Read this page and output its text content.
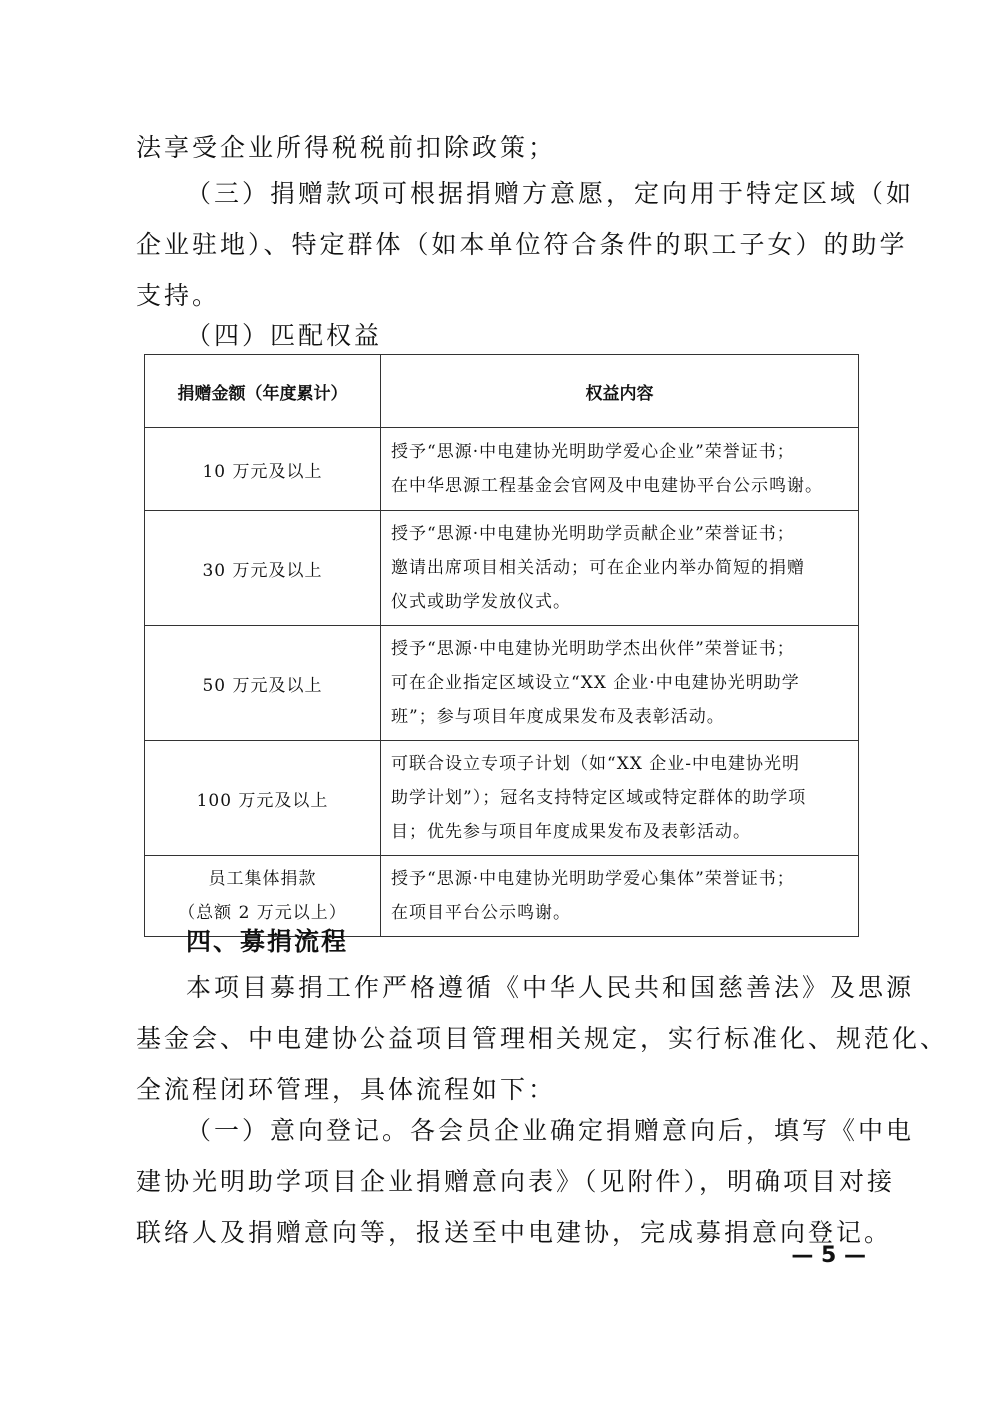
法享受企业所得税税前扣除政策；
（三）捐赠款项可根据捐赠方意愿，定向用于特定区域（如
企业驻地）、特定群体（如本单位符合条件的职工子女）的助学
支持。
（四）匹配权益
捐赠金额（年度累计）	权益内容

10 万元及以上	授予“思源·中电建协光明助学爱心企业”荣誉证书；
在中华思源工程基金会官网及中电建协平台公示鸣谢。

30 万元及以上	授予“思源·中电建协光明助学贡献企业”荣誉证书；
邀请出席项目相关活动；可在企业内举办简短的捐赠
仪式或助学发放仪式。

50 万元及以上	授予“思源·中电建协光明助学杰出伙伴”荣誉证书；
可在企业指定区域设立“XX 企业·中电建协光明助学
班”；参与项目年度成果发布及表彰活动。

100 万元及以上	可联合设立专项子计划（如“XX 企业-中电建协光明
助学计划”）；冠名支持特定区域或特定群体的助学项
目；优先参与项目年度成果发布及表彰活动。

员工集体捐款
（总额 2 万元以上）	授予“思源·中电建协光明助学爱心集体”荣誉证书；
在项目平台公示鸣谢。
四、募捐流程
本项目募捐工作严格遵循《中华人民共和国慈善法》及思源
基金会、中电建协公益项目管理相关规定，实行标准化、规范化、
全流程闭环管理，具体流程如下：
（一）意向登记。各会员企业确定捐赠意向后，填写《中电
建协光明助学项目企业捐赠意向表》（见附件），明确项目对接
联络人及捐赠意向等，报送至中电建协，完成募捐意向登记。
— 5 —
